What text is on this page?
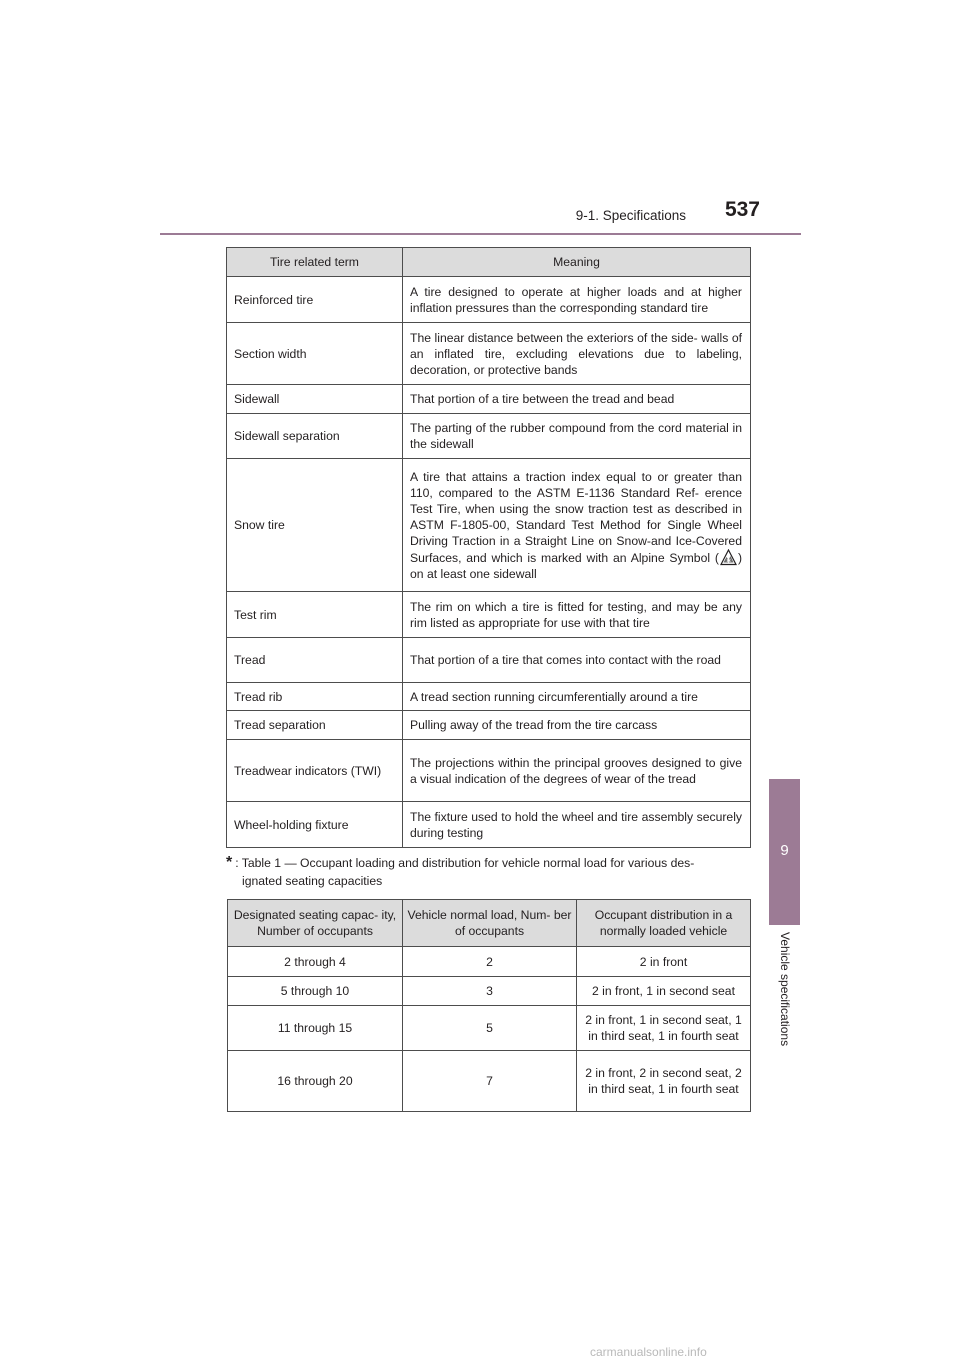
9-1. Specifications	537
9
Vehicle specifications
Tire related term	Meaning
Reinforced tire	A tire designed to operate at higher loads and at higher inflation pressures than the corresponding standard tire
Section width	The linear distance between the exteriors of the side- walls of an inflated tire, excluding elevations due to labeling, decoration, or protective bands
Sidewall	That portion of a tire between the tread and bead
Sidewall separation	The parting of the rubber compound from the cord material in the sidewall
Snow tire	A tire that attains a traction index equal to or greater than 110, compared to the ASTM E-1136 Standard Ref- erence Test Tire, when using the snow traction test as described in ASTM F-1805-00, Standard Test Method for Single Wheel Driving Traction in a Straight Line on Snow-and Ice-Covered Surfaces, and which is marked with an Alpine Symbol ( ✱ ) on at least one sidewall
Test rim	The rim on which a tire is fitted for testing, and may be any rim listed as appropriate for use with that tire
Tread	That portion of a tire that comes into contact with the road
Tread rib	A tread section running circumferentially around a tire
Tread separation	Pulling away of the tread from the tire carcass
Treadwear indicators (TWI)	The projections within the principal grooves designed to give a visual indication of the degrees of wear of the tread
Wheel-holding fixture	The fixture used to hold the wheel and tire assembly securely during testing
* : Table 1 — Occupant loading and distribution for vehicle normal load for various des-
ignated seating capacities
Designated seating capac- ity, Number of occupants	Vehicle normal load, Num- ber of occupants	Occupant distribution in a normally loaded vehicle
2 through 4	2	2 in front
5 through 10	3	2 in front, 1 in second seat
11 through 15	5	2 in front, 1 in second seat, 1 in third seat, 1 in fourth seat
16 through 20	7	2 in front, 2 in second seat, 2 in third seat, 1 in fourth seat
carmanualsonline.info
